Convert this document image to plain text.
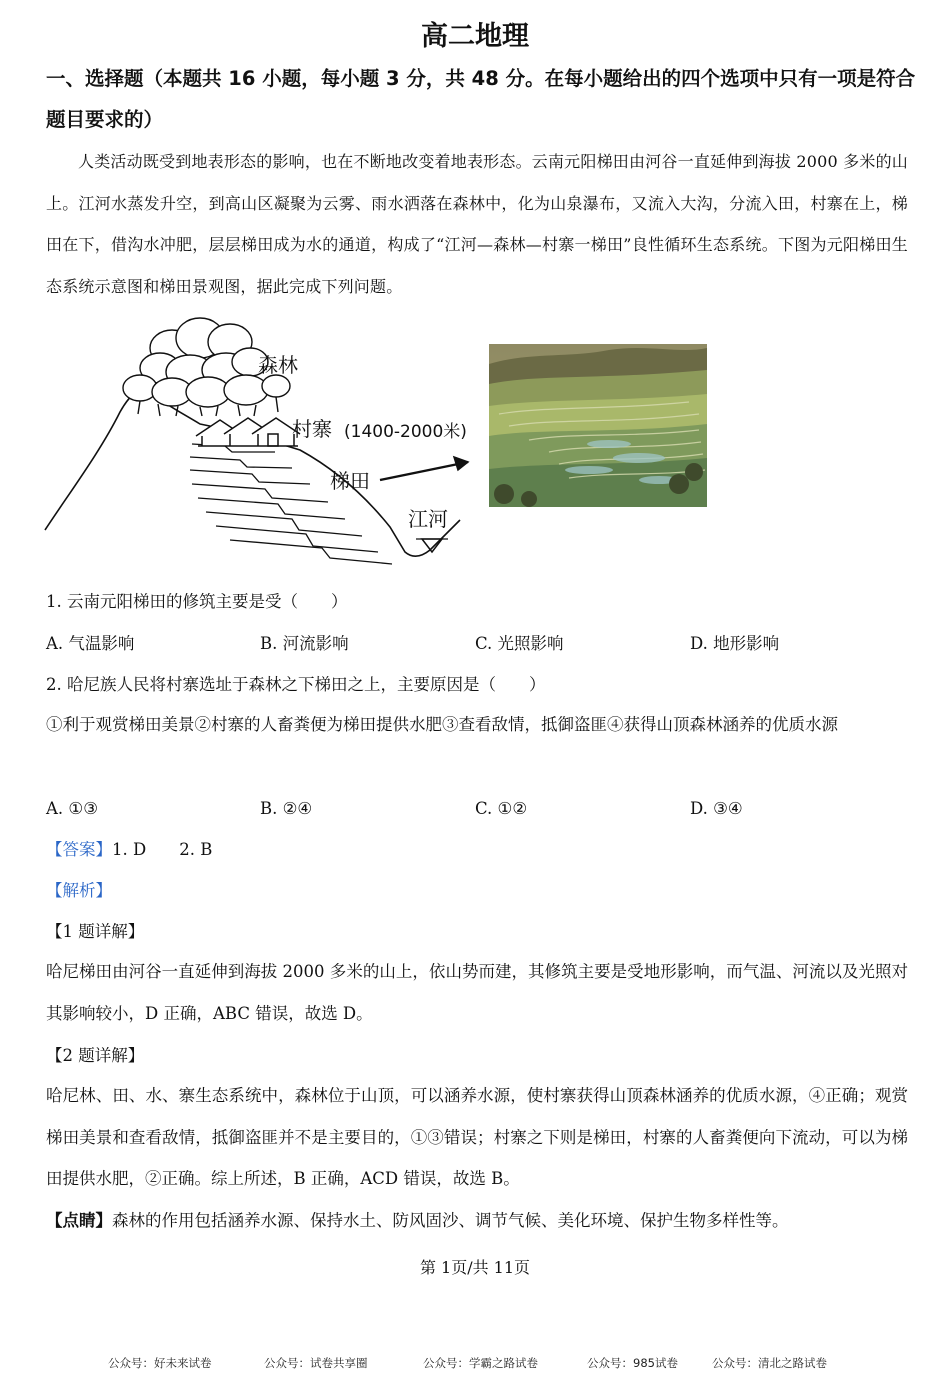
高二地理
一、选择题（本题共 16 小题，每小题 3 分，共 48 分。在每小题给出的四个选项中只有一项是符合题目要求的）
人类活动既受到地表形态的影响，也在不断地改变着地表形态。云南元阳梯田由河谷一直延伸到海拔 2000 多米的山上。江河水蒸发升空，到高山区凝聚为云雾、雨水洒落在森林中，化为山泉瀑布，又流入大沟，分流入田，村寨在上，梯田在下，借沟水冲肥，层层梯田成为水的通道，构成了“江河—森林—村寨一梯田”良性循环生态系统。下图为元阳梯田生态系统示意图和梯田景观图，据此完成下列问题。
森林
村寨 (1400-2000米)
梯田
江河
1. 云南元阳梯田的修筑主要是受（　　）
A. 气温影响	B. 河流影响	C. 光照影响	D. 地形影响
2. 哈尼族人民将村寨选址于森林之下梯田之上，主要原因是（　　）
①利于观赏梯田美景②村寨的人畜粪便为梯田提供水肥③查看敌情，抵御盗匪④获得山顶森林涵养的优质水源
A. ①③	B. ②④	C. ①②	D. ③④
【答案】1. D　　2. B
【解析】
【1 题详解】
哈尼梯田由河谷一直延伸到海拔 2000 多米的山上，依山势而建，其修筑主要是受地形影响，而气温、河流以及光照对其影响较小，D 正确，ABC 错误，故选 D。
【2 题详解】
哈尼林、田、水、寨生态系统中，森林位于山顶，可以涵养水源，使村寨获得山顶森林涵养的优质水源，④正确；观赏梯田美景和查看敌情，抵御盗匪并不是主要目的，①③错误；村寨之下则是梯田，村寨的人畜粪便向下流动，可以为梯田提供水肥，②正确。综上所述，B 正确，ACD 错误，故选 B。
【点睛】森林的作用包括涵养水源、保持水土、防风固沙、调节气候、美化环境、保护生物多样性等。
第 1页/共 11页
公众号：好未来试卷	公众号：试卷共享圈	公众号：学霸之路试卷	公众号：985试卷	公众号：清北之路试卷
